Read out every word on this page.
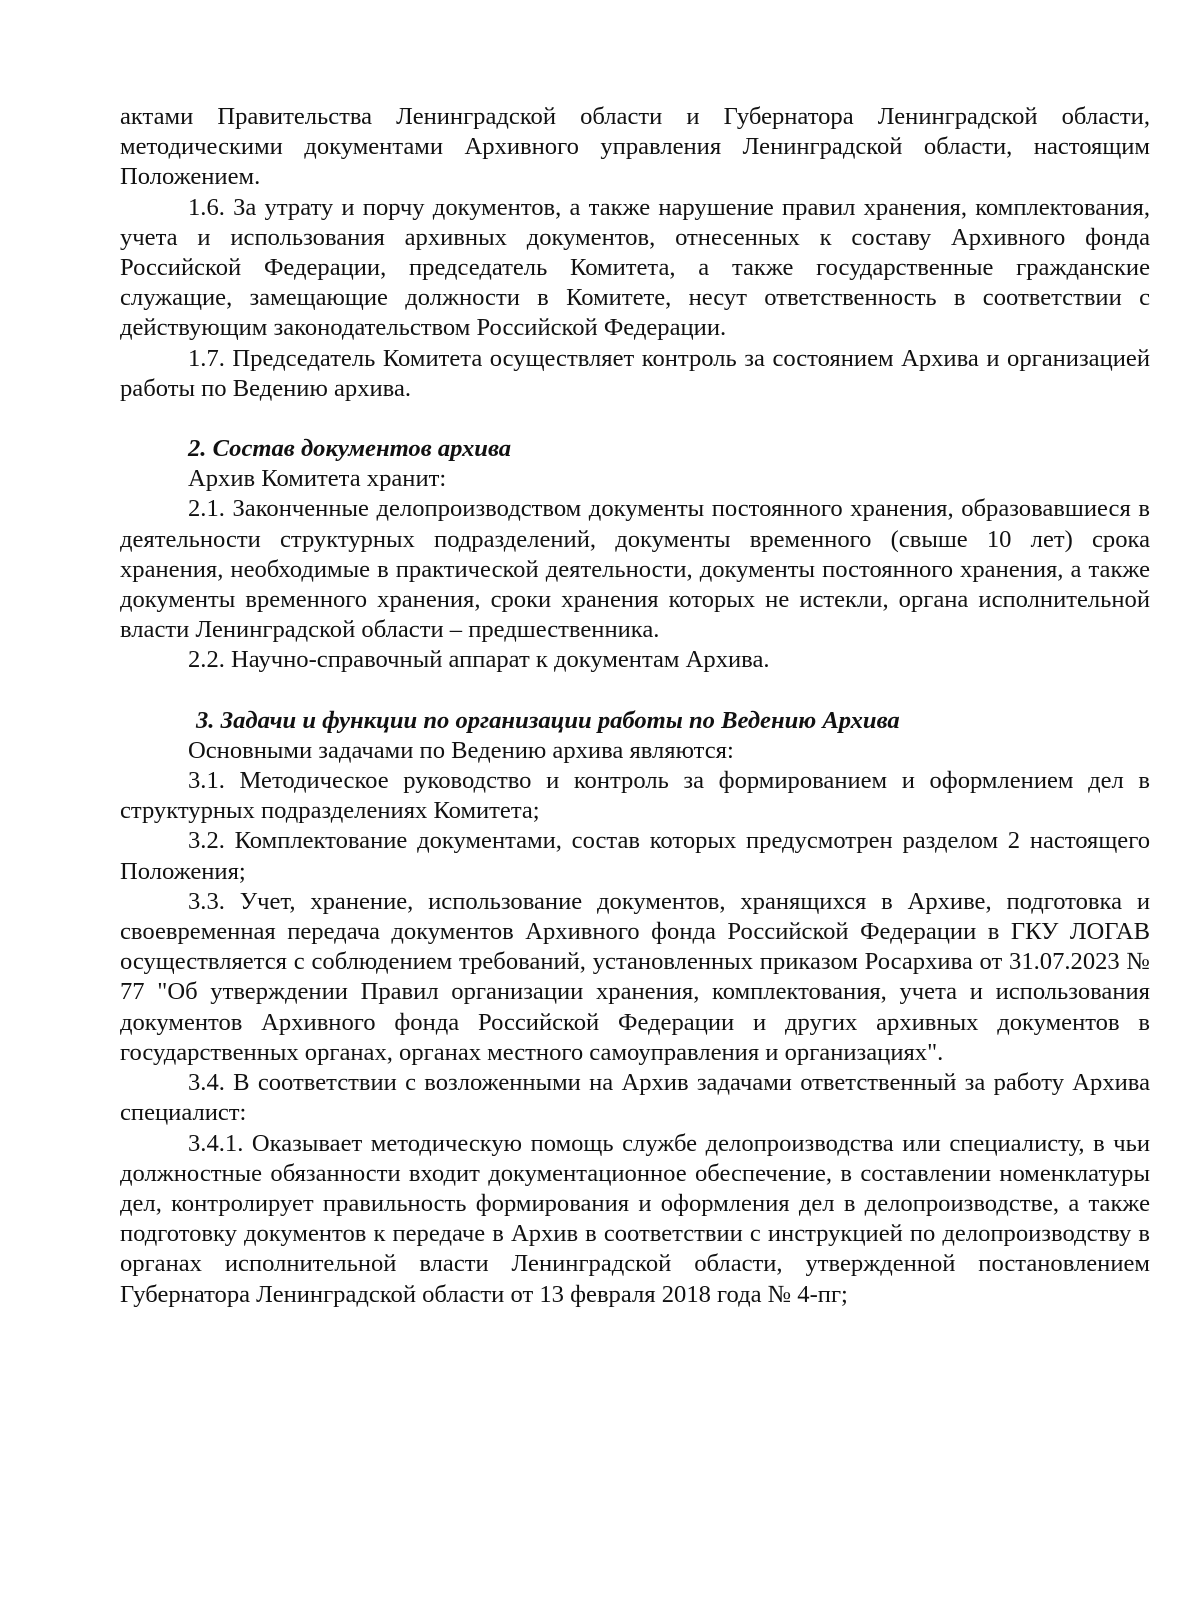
актами Правительства Ленинградской области и Губернатора Ленинградской области, методическими документами Архивного управления Ленинградской области, настоящим Положением.

1.6. За утрату и порчу документов, а также нарушение правил хранения, комплектования, учета и использования архивных документов, отнесенных к составу Архивного фонда Российской Федерации, председатель Комитета, а также государственные гражданские служащие, замещающие должности в Комитете, несут ответственность в соответствии с действующим законодательством Российской Федерации.

1.7. Председатель Комитета осуществляет контроль за состоянием Архива и организацией работы по Ведению архива.

2. Состав документов архива

Архив Комитета хранит:

2.1. Законченные делопроизводством документы постоянного хранения, образовавшиеся в деятельности структурных подразделений, документы временного (свыше 10 лет) срока хранения, необходимые в практической деятельности, документы постоянного хранения, а также документы временного хранения, сроки хранения которых не истекли, органа исполнительной власти Ленинградской области – предшественника.

2.2. Научно-справочный аппарат к документам Архива.

3. Задачи и функции по организации работы по Ведению Архива

Основными задачами по Ведению архива являются:

3.1. Методическое руководство и контроль за формированием и оформлением дел в структурных подразделениях Комитета;

3.2. Комплектование документами, состав которых предусмотрен разделом 2 настоящего Положения;

3.3. Учет, хранение, использование документов, хранящихся в Архиве, подготовка и своевременная передача документов Архивного фонда Российской Федерации в ГКУ ЛОГАВ осуществляется с соблюдением требований, установленных приказом Росархива от 31.07.2023 № 77 "Об утверждении Правил организации хранения, комплектования, учета и использования документов Архивного фонда Российской Федерации и других архивных документов в государственных органах, органах местного самоуправления и организациях".

3.4. В соответствии с возложенными на Архив задачами ответственный за работу Архива специалист:

3.4.1. Оказывает методическую помощь службе делопроизводства или специалисту, в чьи должностные обязанности входит документационное обеспечение, в составлении номенклатуры дел, контролирует правильность формирования и оформления дел в делопроизводстве, а также подготовку документов к передаче в Архив в соответствии с инструкцией по делопроизводству в органах исполнительной власти Ленинградской области, утвержденной постановлением Губернатора Ленинградской области от 13 февраля 2018 года № 4-пг;
